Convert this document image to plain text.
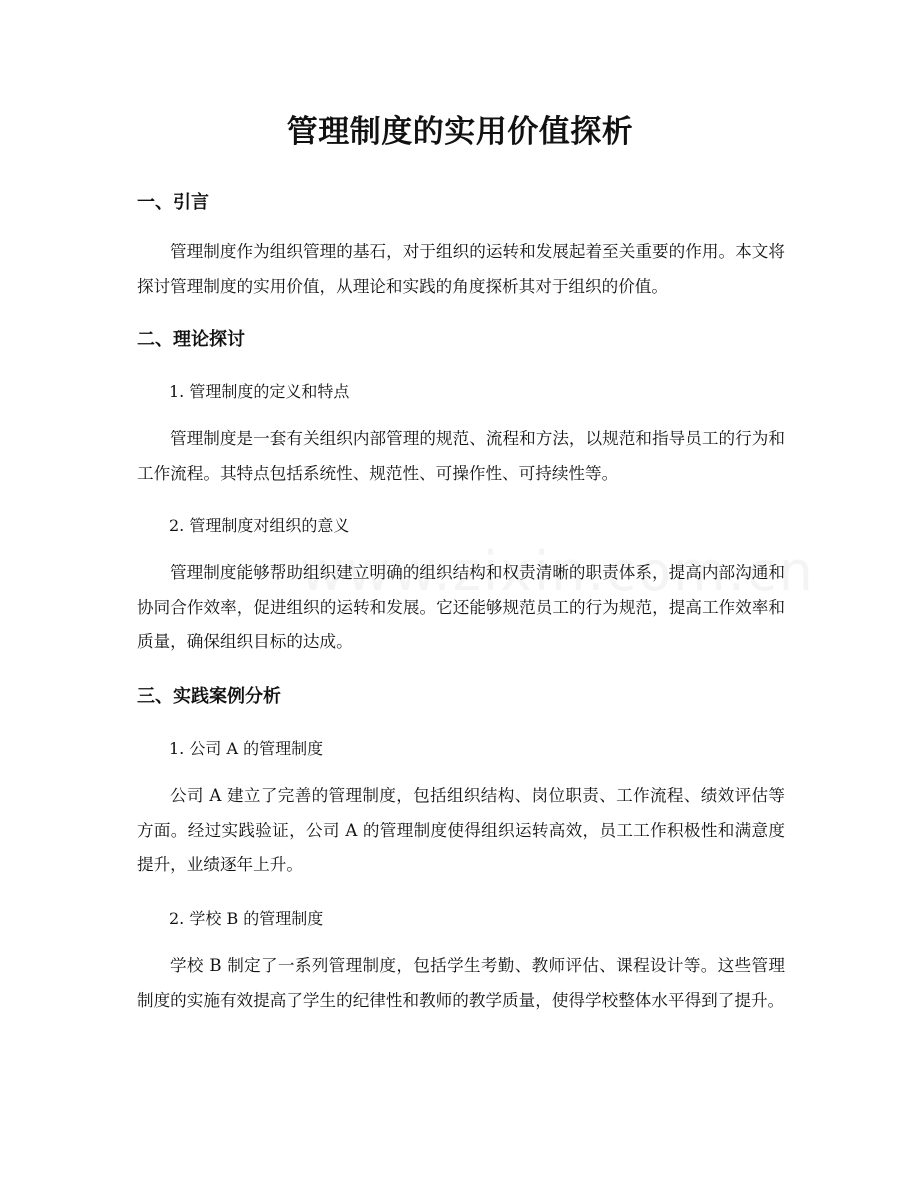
管理制度的实用价值探析
一、引言

管理制度作为组织管理的基石，对于组织的运转和发展起着至关重要的作用。本文将探讨管理制度的实用价值，从理论和实践的角度探析其对于组织的价值。

二、理论探讨
1. 管理制度的定义和特点

管理制度是一套有关组织内部管理的规范、流程和方法，以规范和指导员工的行为和工作流程。其特点包括系统性、规范性、可操作性、可持续性等。

2. 管理制度对组织的意义

管理制度能够帮助组织建立明确的组织结构和权责清晰的职责体系，提高内部沟通和协同合作效率，促进组织的运转和发展。它还能够规范员工的行为规范，提高工作效率和质量，确保组织目标的达成。

三、实践案例分析
1. 公司 A 的管理制度

公司 A 建立了完善的管理制度，包括组织结构、岗位职责、工作流程、绩效评估等方面。经过实践验证，公司 A 的管理制度使得组织运转高效，员工工作积极性和满意度提升，业绩逐年上升。

2. 学校 B 的管理制度

学校 B 制定了一系列管理制度，包括学生考勤、教师评估、课程设计等。这些管理制度的实施有效提高了学生的纪律性和教师的教学质量，使得学校整体水平得到了提升。
